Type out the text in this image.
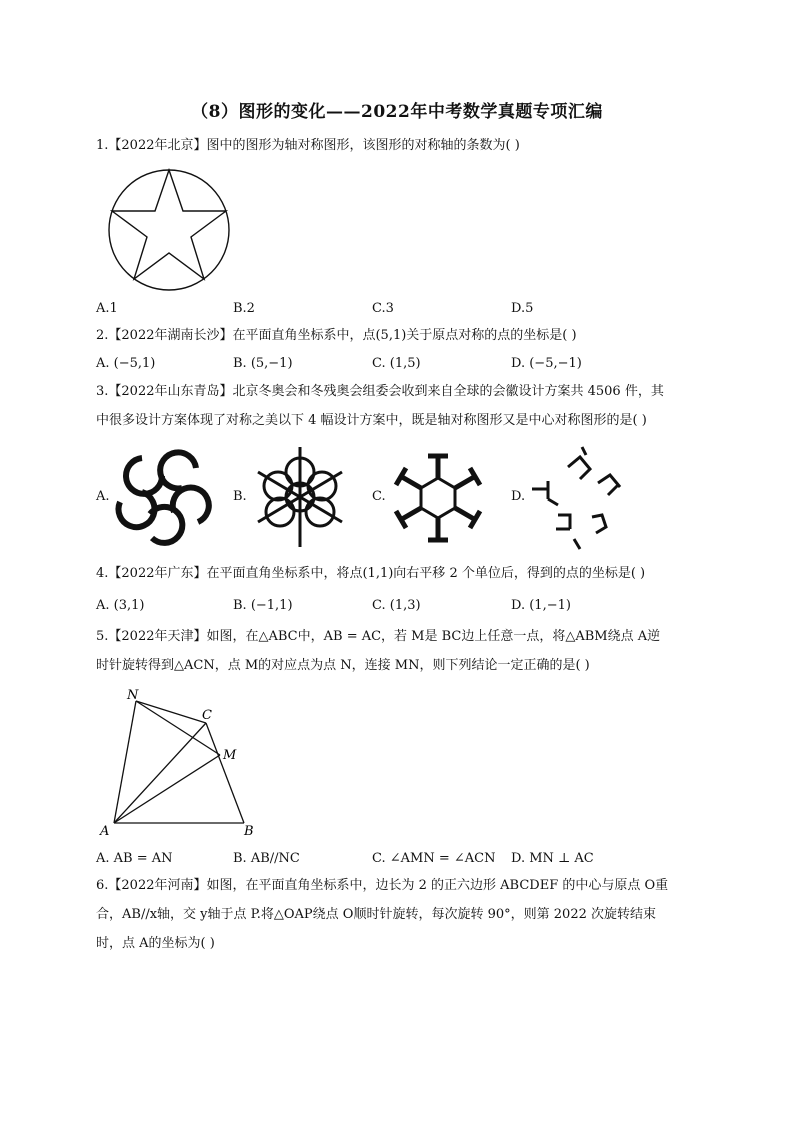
（8）图形的变化——2022年中考数学真题专项汇编
1.【2022年北京】图中的图形为轴对称图形，该图形的对称轴的条数为( )
A.1	B.2	C.3	D.5
2.【2022年湖南长沙】在平面直角坐标系中，点(5,1)关于原点对称的点的坐标是( )
A. (−5,1)	B. (5,−1)	C. (1,5)	D. (−5,−1)
3.【2022年山东青岛】北京冬奥会和冬残奥会组委会收到来自全球的会徽设计方案共 4506 件，其
中很多设计方案体现了对称之美以下 4 幅设计方案中，既是轴对称图形又是中心对称图形的是( )
A.	B.	C.	D.
4.【2022年广东】在平面直角坐标系中，将点(1,1)向右平移 2 个单位后，得到的点的坐标是( )
A. (3,1)	B. (−1,1)	C. (1,3)	D. (1,−1)
5.【2022年天津】如图，在△ABC中，AB = AC，若 M是 BC边上任意一点，将△ABM绕点 A逆
时针旋转得到△ACN，点 M的对应点为点 N，连接 MN，则下列结论一定正确的是( )
N
C
M
A	B
A. AB = AN	B. AB//NC	C. ∠AMN = ∠ACN D. MN ⊥ AC
6.【2022年河南】如图，在平面直角坐标系中，边长为 2 的正六边形 ABCDEF 的中心与原点 O重
合，AB//x轴，交 y轴于点 P.将△OAP绕点 O顺时针旋转，每次旋转 90°，则第 2022 次旋转结束
时，点 A的坐标为( )
